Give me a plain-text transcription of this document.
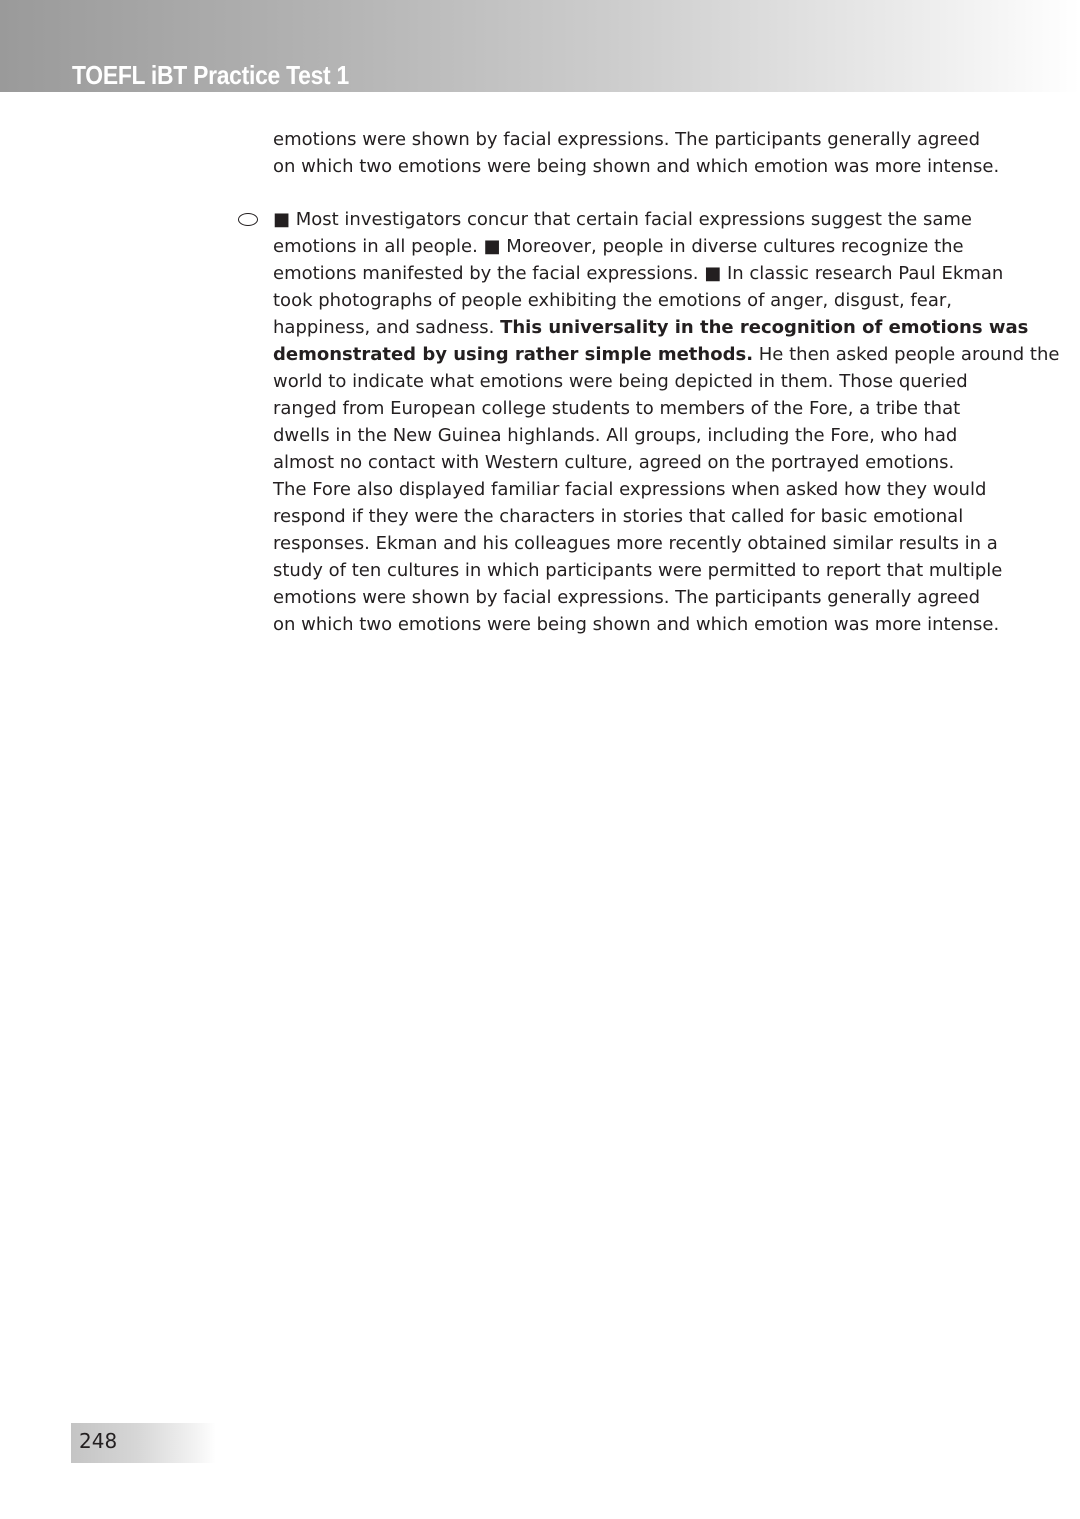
TOEFL iBT Practice Test 1
emotions were shown by facial expressions. The participants generally agreed
on which two emotions were being shown and which emotion was more intense.
■ Most investigators concur that certain facial expressions suggest the same
emotions in all people. ■ Moreover, people in diverse cultures recognize the
emotions manifested by the facial expressions. ■ In classic research Paul Ekman
took photographs of people exhibiting the emotions of anger, disgust, fear,
happiness, and sadness. This universality in the recognition of emotions was
demonstrated by using rather simple methods. He then asked people around the
world to indicate what emotions were being depicted in them. Those queried
ranged from European college students to members of the Fore, a tribe that
dwells in the New Guinea highlands. All groups, including the Fore, who had
almost no contact with Western culture, agreed on the portrayed emotions.
The Fore also displayed familiar facial expressions when asked how they would
respond if they were the characters in stories that called for basic emotional
responses. Ekman and his colleagues more recently obtained similar results in a
study of ten cultures in which participants were permitted to report that multiple
emotions were shown by facial expressions. The participants generally agreed
on which two emotions were being shown and which emotion was more intense.
248
